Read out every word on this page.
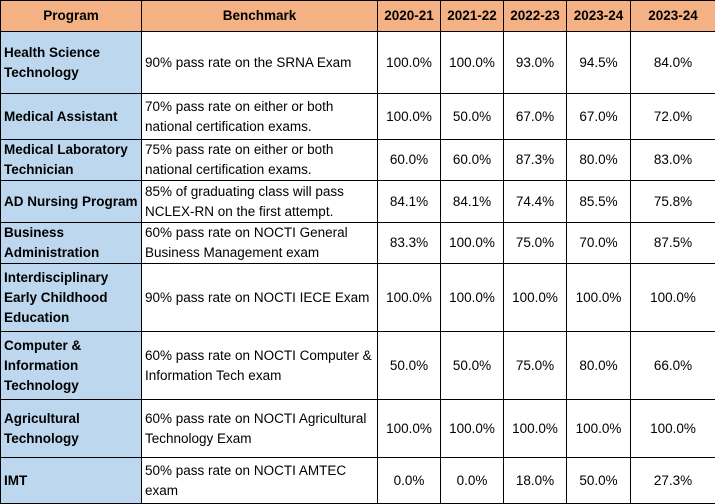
Program	Benchmark	2020-21	2021-22	2022-23	2023-24	2023-24
Health Science Technology	90% pass rate on the SRNA Exam	100.0%	100.0%	93.0%	94.5%	84.0%
Medical Assistant	70% pass rate on either or both national certification exams.	100.0%	50.0%	67.0%	67.0%	72.0%
Medical Laboratory Technician	75% pass rate on either or both national certification exams.	60.0%	60.0%	87.3%	80.0%	83.0%
AD Nursing Program	85% of graduating class will pass NCLEX-RN on the first attempt.	84.1%	84.1%	74.4%	85.5%	75.8%
Business Administration	60% pass rate on NOCTI General Business Management exam	83.3%	100.0%	75.0%	70.0%	87.5%
Interdisciplinary Early Childhood Education	90% pass rate on NOCTI IECE Exam	100.0%	100.0%	100.0%	100.0%	100.0%
Computer & Information Technology	60% pass rate on NOCTI Computer & Information Tech exam	50.0%	50.0%	75.0%	80.0%	66.0%
Agricultural Technology	60% pass rate on NOCTI Agricultural Technology Exam	100.0%	100.0%	100.0%	100.0%	100.0%
IMT	50% pass rate on NOCTI AMTEC exam	0.0%	0.0%	18.0%	50.0%	27.3%
